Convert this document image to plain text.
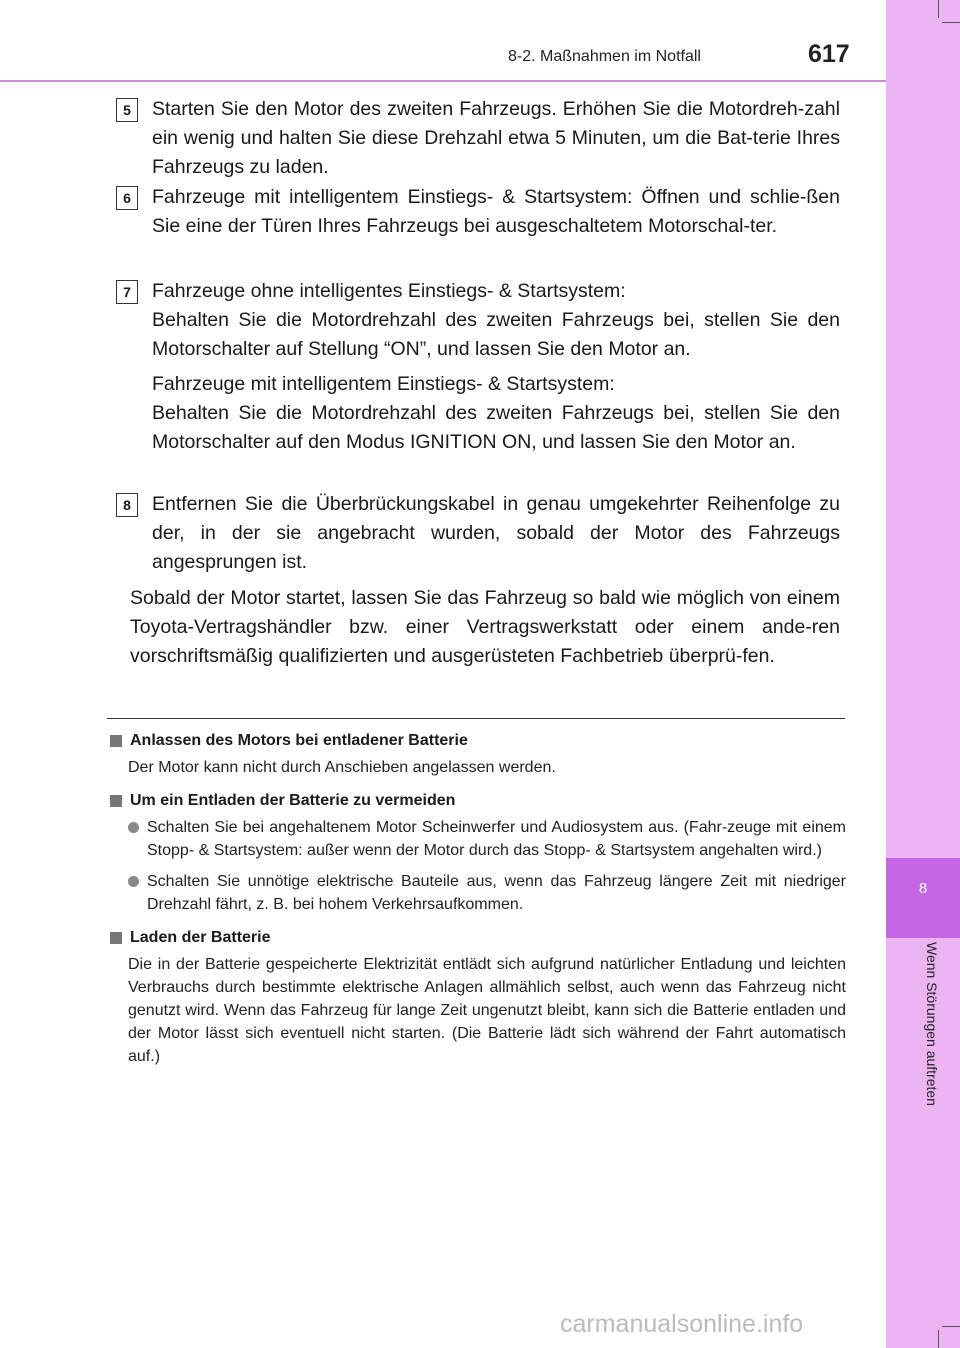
8-2. Maßnahmen im Notfall	617
8
Wenn Störungen auftreten
5	Starten Sie den Motor des zweiten Fahrzeugs. Erhöhen Sie die Motordreh-zahl ein wenig und halten Sie diese Drehzahl etwa 5 Minuten, um die Bat-terie Ihres Fahrzeugs zu laden.

6	Fahrzeuge mit intelligentem Einstiegs- & Startsystem: Öffnen und schlie-ßen Sie eine der Türen Ihres Fahrzeugs bei ausgeschaltetem Motorschal-ter.

7	Fahrzeuge ohne intelligentes Einstiegs- & Startsystem:

Behalten Sie die Motordrehzahl des zweiten Fahrzeugs bei, stellen Sie den Motorschalter auf Stellung “ON”, und lassen Sie den Motor an.

Fahrzeuge mit intelligentem Einstiegs- & Startsystem:

Behalten Sie die Motordrehzahl des zweiten Fahrzeugs bei, stellen Sie den Motorschalter auf den Modus IGNITION ON, und lassen Sie den Motor an.

8	Entfernen Sie die Überbrückungskabel in genau umgekehrter Reihenfolge zu der, in der sie angebracht wurden, sobald der Motor des Fahrzeugs angesprungen ist.

Sobald der Motor startet, lassen Sie das Fahrzeug so bald wie möglich von einem Toyota-Vertragshändler bzw. einer Vertragswerkstatt oder einem ande-ren vorschriftsmäßig qualifizierten und ausgerüsteten Fachbetrieb überprü-fen.

Anlassen des Motors bei entladener Batterie

Der Motor kann nicht durch Anschieben angelassen werden.

Um ein Entladen der Batterie zu vermeiden

Schalten Sie bei angehaltenem Motor Scheinwerfer und Audiosystem aus. (Fahr-zeuge mit einem Stopp- & Startsystem: außer wenn der Motor durch das Stopp- & Startsystem angehalten wird.)
Schalten Sie unnötige elektrische Bauteile aus, wenn das Fahrzeug längere Zeit mit niedriger Drehzahl fährt, z. B. bei hohem Verkehrsaufkommen.

Laden der Batterie

Die in der Batterie gespeicherte Elektrizität entlädt sich aufgrund natürlicher Entladung und leichten Verbrauchs durch bestimmte elektrische Anlagen allmählich selbst, auch wenn das Fahrzeug nicht genutzt wird. Wenn das Fahrzeug für lange Zeit ungenutzt bleibt, kann sich die Batterie entladen und der Motor lässt sich eventuell nicht starten. (Die Batterie lädt sich während der Fahrt automatisch auf.)

carmanualsonline.info
